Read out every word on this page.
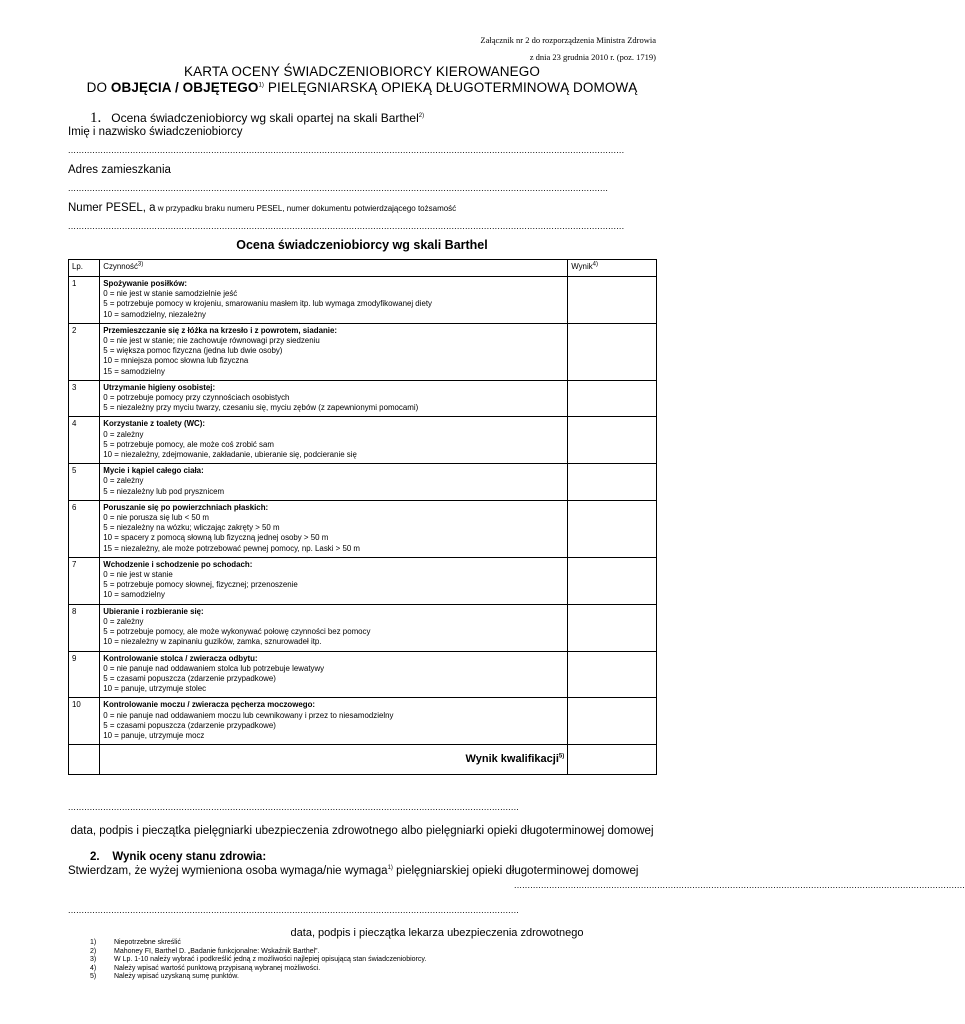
Załącznik nr 2 do rozporządzenia Ministra Zdrowia
z dnia 23 grudnia 2010 r. (poz. 1719)
KARTA OCENY ŚWIADCZENIOBIORCY KIEROWANEGO
DO OBJĘCIA / OBJĘTEGO$^{1)}$ PIELĘGNIARSKĄ OPIEKĄ DŁUGOTERMINOWĄ DOMOWĄ
1. Ocena świadczeniobiorcy wg skali opartej na skali Barthel$^{2)}$
Imię i nazwisko świadczeniobiorcy
..............................................................................................................................................................................................................
Adres zamieszkania
........................................................................................................................................................................................................
Numer PESEL, a w przypadku braku numeru PESEL, numer dokumentu potwierdzającego tożsamość
..............................................................................................................................................................................................................
Ocena świadczeniobiorcy wg skali Barthel
Lp.	Czynność$^{3)}$	Wynik$^{4)}$
1	Spożywanie posiłków:
0 = nie jest w stanie samodzielnie jeść
5 = potrzebuje pomocy w krojeniu, smarowaniu masłem itp. lub wymaga zmodyfikowanej diety
10 = samodzielny, niezależny	

2	Przemieszczanie się z łóżka na krzesło i z powrotem, siadanie:
0 = nie jest w stanie; nie zachowuje równowagi przy siedzeniu
5 = większa pomoc fizyczna (jedna lub dwie osoby)
10 = mniejsza pomoc słowna lub fizyczna
15 = samodzielny	

3	Utrzymanie higieny osobistej:
0 = potrzebuje pomocy przy czynnościach osobistych
5 = niezależny przy myciu twarzy, czesaniu się, myciu zębów (z zapewnionymi pomocami)	

4	Korzystanie z toalety (WC):
0 = zależny
5 = potrzebuje pomocy, ale może coś zrobić sam
10 = niezależny, zdejmowanie, zakładanie, ubieranie się, podcieranie się	

5	Mycie i kąpiel całego ciała:
0 = zależny
5 = niezależny lub pod prysznicem	

6	Poruszanie się po powierzchniach płaskich:
0 = nie porusza się lub < 50 m
5 = niezależny na wózku; wliczając zakręty > 50 m
10 = spacery z pomocą słowną lub fizyczną jednej osoby > 50 m
15 = niezależny, ale może potrzebować pewnej pomocy, np. Laski > 50 m	

7	Wchodzenie i schodzenie po schodach:
0 = nie jest w stanie
5 = potrzebuje pomocy słownej, fizycznej; przenoszenie
10 = samodzielny	

8	Ubieranie i rozbieranie się:
0 = zależny
5 = potrzebuje pomocy, ale może wykonywać połowę czynności bez pomocy
10 = niezależny w zapinaniu guzików, zamka, sznurowadeł itp.	

9	Kontrolowanie stolca / zwieracza odbytu:
0 = nie panuje nad oddawaniem stolca lub potrzebuje lewatywy
5 = czasami popuszcza (zdarzenie przypadkowe)
10 = panuje, utrzymuje stolec	

10	Kontrolowanie moczu / zwieracza pęcherza moczowego:
0 = nie panuje nad oddawaniem moczu lub cewnikowany i przez to niesamodzielny
5 = czasami popuszcza (zdarzenie przypadkowe)
10 = panuje, utrzymuje mocz	

	Wynik kwalifikacji$^{5)}$	
.......................................................................................................................................................................
data, podpis i pieczątka pielęgniarki ubezpieczenia zdrowotnego albo pielęgniarki opieki długoterminowej domowej
2.    Wynik oceny stanu zdrowia:
Stwierdzam, że wyżej wymieniona osoba wymaga/nie wymaga$^{1)}$ pielęgniarskiej opieki długoterminowej domowej
.......................................................................................................................................................................
.......................................................................................................................................................................
data, podpis i pieczątka lekarza ubezpieczenia zdrowotnego
1)	Niepotrzebne skreślić
2)	Mahoney FI, Barthel D. „Badanie funkcjonalne: Wskaźnik Barthel”.
3)	W Lp. 1-10 należy wybrać i podkreślić jedną z możliwości najlepiej opisującą stan świadczeniobiorcy.
4)	Należy wpisać wartość punktową przypisaną wybranej możliwości.
5)	Należy wpisać uzyskaną sumę punktów.
